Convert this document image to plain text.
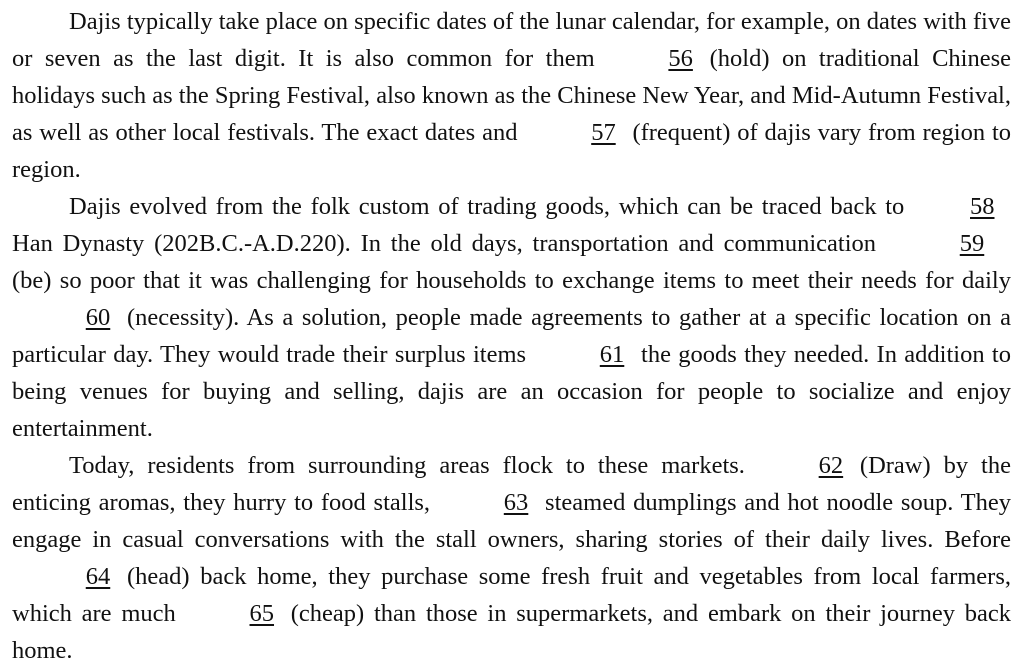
Dajis typically take place on specific dates of the lunar calendar, for example, on dates with five or seven as the last digit. It is also common for them	56 (hold) on traditional Chinese holidays such as the Spring Festival, also known as the Chinese New Year, and Mid-Autumn Festival, as well as other local festivals. The exact dates and	57 (frequent) of dajis vary from region to region.

Dajis evolved from the folk custom of trading goods, which can be traced back to 58Han Dynasty (202B.C.-A.D.220). In the old days, transportation and communication	59(be) so poor that it was challenging for households to exchange items to meet their needs for daily60 (necessity). As a solution, people made agreements to gather at a specific location on a particular day. They would trade their surplus items	61 the goods they needed. In addition to being venues for buying and selling, dajis are an occasion for people to socialize and enjoy entertainment.

Today, residents from surrounding areas flock to these markets.	62 (Draw) by the enticing aromas, they hurry to food stalls,	63 steamed dumplings and hot noodle soup. They engage in casual conversations with the stall owners, sharing stories of their daily lives. Before64 (head) back home, they purchase some fresh fruit and vegetables from local farmers, which are much	65 (cheap) than those in supermarkets, and embark on their journey back home.
